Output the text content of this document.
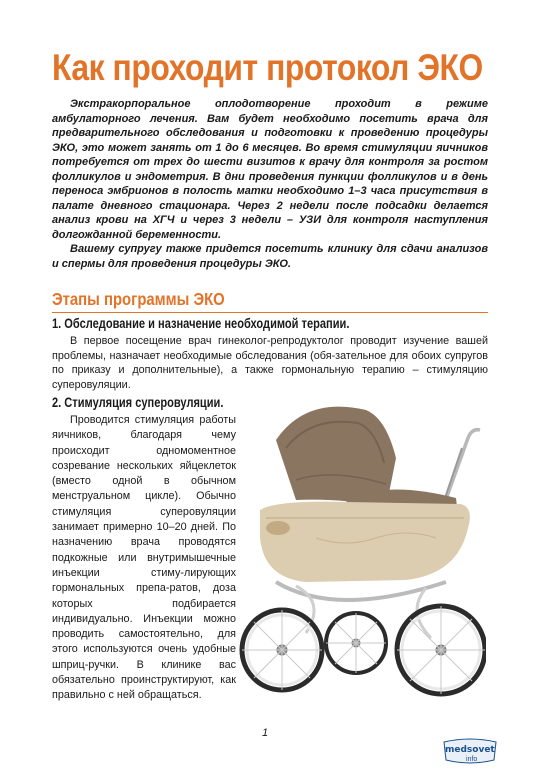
Как проходит протокол ЭКО

Экстракорпоральное оплодотворение проходит в режиме амбулаторного лечения. Вам будет необходимо посетить врача для предварительного обследования и подготовки к проведению процедуры ЭКО, это может занять от 1 до 6 месяцев. Во время стимуляции яичников потребуется от трех до шести визитов к врачу для контроля за ростом фолликулов и эндометрия. В дни проведения пункции фолликулов и в день переноса эмбрионов в полость матки необходимо 1–3 часа присутствия в палате дневного стационара. Через 2 недели после подсадки делается анализ крови на ХГЧ и через 3 недели – УЗИ для контроля наступления долгожданной беременности.

Вашему супругу также придется посетить клинику для сдачи анализов и спермы для проведения процедуры ЭКО.

Этапы программы ЭКО
1. Обследование и назначение необходимой терапии.

В первое посещение врач гинеколог-репродуктолог проводит изучение вашей проблемы, назначает необходимые обследования (обя-зательное для обоих супругов по приказу и дополнительные), а также гормональную терапию – стимуляцию суперовуляции.

2. Стимуляция суперовуляции.

Проводится стимуляция работы яичников, благодаря чему происходит одномоментное созревание нескольких яйцеклеток (вместо одной в обычном менструальном цикле). Обычно стимуляция суперовуляции занимает примерно 10–20 дней. По назначению врача проводятся подкожные или внутримышечные инъекции стиму-лирующих гормональных препа-ратов, доза которых подбирается индивидуально. Инъекции можно проводить самостоятельно, для этого используются очень удобные шприц-ручки. В клинике вас обязательно проинструктируют, как правильно с ней обращаться.

1
medsovet
info
